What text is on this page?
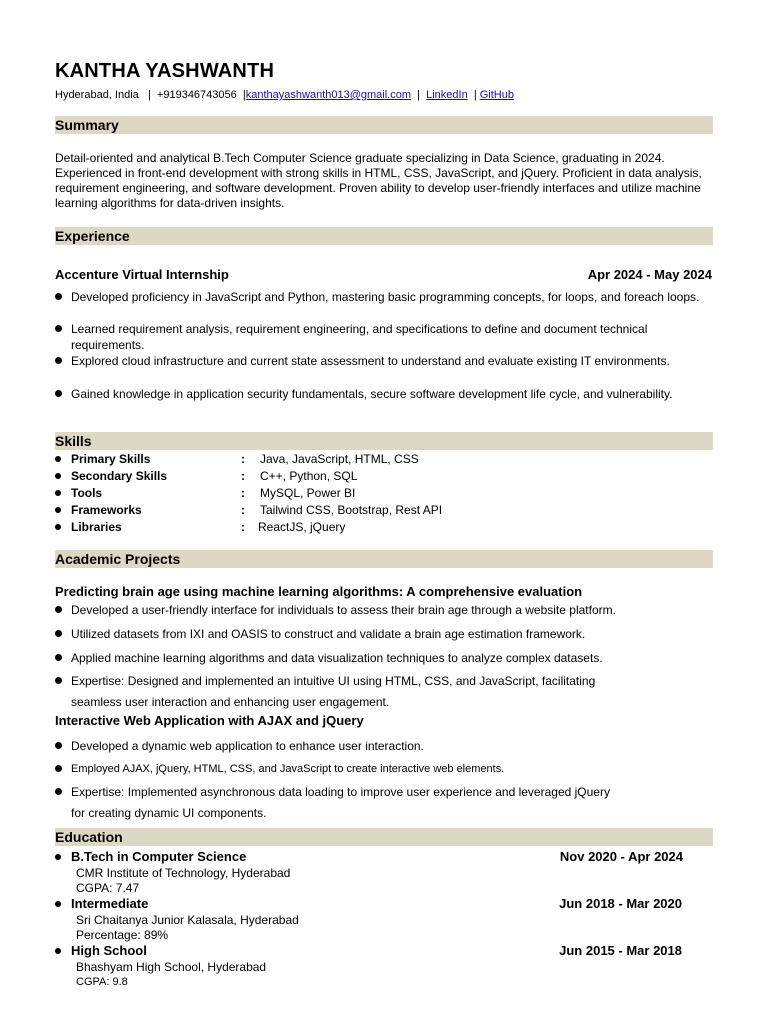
KANTHA YASHWANTH
Hyderabad, India   |  +919346743056  |kanthayashwanth013@gmail.com  |  LinkedIn  | GitHub
Summary
Detail-oriented and analytical B.Tech Computer Science graduate specializing in Data Science, graduating in 2024. Experienced in front-end development with strong skills in HTML, CSS, JavaScript, and jQuery. Proficient in data analysis, requirement engineering, and software development. Proven ability to develop user-friendly interfaces and utilize machine learning algorithms for data-driven insights.
Experience
Accenture Virtual Internship	Apr 2024 - May 2024
Developed proficiency in JavaScript and Python, mastering basic programming concepts, for loops, and foreach loops.
Learned requirement analysis, requirement engineering, and specifications to define and document technical requirements.
Explored cloud infrastructure and current state assessment to understand and evaluate existing IT environments.
Gained knowledge in application security fundamentals, secure software development life cycle, and vulnerability.
Skills
Primary Skills	: Java, JavaScript, HTML, CSS
Secondary Skills	: C++, Python, SQL
Tools	: MySQL, Power BI
Frameworks	: Tailwind CSS, Bootstrap, Rest API
Libraries	: ReactJS, jQuery
Academic Projects
Predicting brain age using machine learning algorithms: A comprehensive evaluation
Developed a user-friendly interface for individuals to assess their brain age through a website platform.
Utilized datasets from IXI and OASIS to construct and validate a brain age estimation framework.
Applied machine learning algorithms and data visualization techniques to analyze complex datasets.
Expertise: Designed and implemented an intuitive UI using HTML, CSS, and JavaScript, facilitating
seamless user interaction and enhancing user engagement.
Interactive Web Application with AJAX and jQuery
Developed a dynamic web application to enhance user interaction.
Employed AJAX, jQuery, HTML, CSS, and JavaScript to create interactive web elements.
Expertise: Implemented asynchronous data loading to improve user experience and leveraged jQuery
for creating dynamic UI components.
Education
B.Tech in Computer Science	Nov 2020 - Apr 2024
CMR Institute of Technology, Hyderabad
CGPA: 7.47
Intermediate	Jun 2018 - Mar 2020
Sri Chaitanya Junior Kalasala, Hyderabad
Percentage: 89%
High School	Jun 2015 - Mar 2018
Bhashyam High School, Hyderabad
CGPA: 9.8
